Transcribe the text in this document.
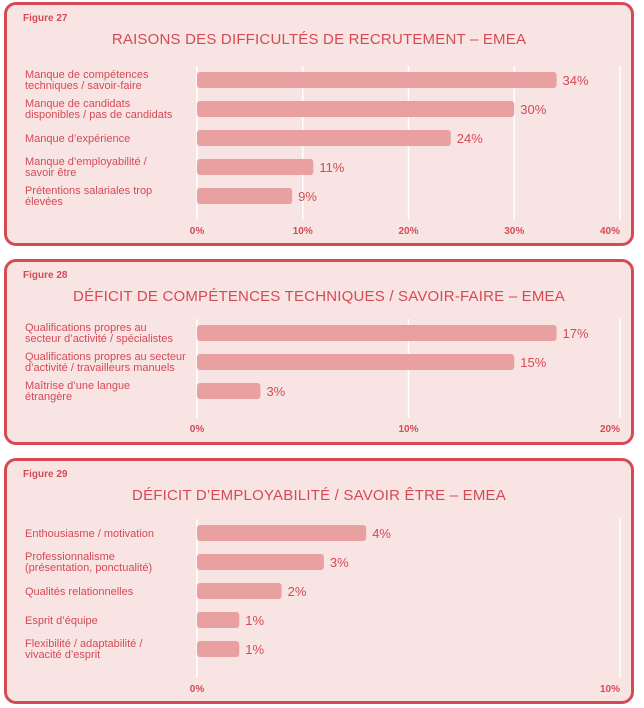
Figure 27
RAISONS DES DIFFICULTÉS DE RECRUTEMENT – EMEA
0%	10%	20%	30%	40%
34%
Manque de compétences
techniques / savoir-faire
30%
Manque de candidats
disponibles / pas de candidats
24%
Manque d’expérience
11%
Manque d’employabilité /
savoir être
9%
Prétentions salariales trop
élevées
Figure 28
DÉFICIT DE COMPÉTENCES TECHNIQUES / SAVOIR-FAIRE – EMEA
0%	10%	20%
17%
Qualifications propres au
secteur d’activité / spécialistes
15%
Qualifications propres au secteur
d’activité / travailleurs manuels
3%
Maîtrise d’une langue
étrangère
Figure 29
DÉFICIT D’EMPLOYABILITÉ / SAVOIR ÊTRE – EMEA
0%	10%
4%
Enthousiasme / motivation
3%
Professionnalisme
(présentation, ponctualité)
2%
Qualités relationnelles
1%
Esprit d’équipe
1%
Flexibilité / adaptabilité /
vivacité d’esprit
